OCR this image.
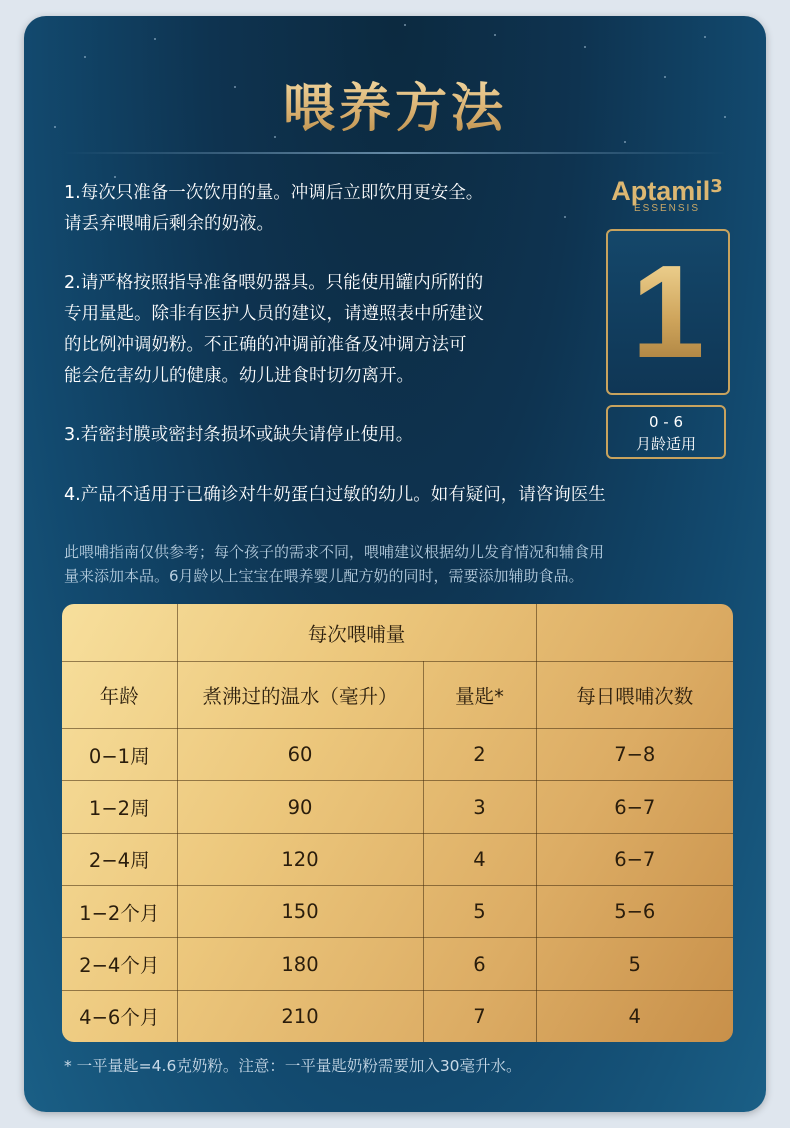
喂养方法
1.每次只准备一次饮用的量。冲调后立即饮用更安全。
请丢弃喂哺后剩余的奶液。
2.请严格按照指导准备喂奶器具。只能使用罐内所附的
专用量匙。除非有医护人员的建议，请遵照表中所建议
的比例冲调奶粉。不正确的冲调前准备及冲调方法可
能会危害幼儿的健康。幼儿进食时切勿离开。
3.若密封膜或密封条损坏或缺失请停止使用。
4.产品不适用于已确诊对牛奶蛋白过敏的幼儿。如有疑问，请咨询医生
Aptamil3
ESSENSIS
1
0 - 6
月龄适用
此喂哺指南仅供参考；每个孩子的需求不同，喂哺建议根据幼儿发育情况和辅食用
量来添加本品。6月龄以上宝宝在喂养婴儿配方奶的同时，需要添加辅助食品。
	每次喂哺量		
年龄	煮沸过的温水（毫升）	量匙*	每日喂哺次数
0−1周	60	2	7−8
1−2周	90	3	6−7
2−4周	120	4	6−7
1−2个月	150	5	5−6
2−4个月	180	6	5
4−6个月	210	7	4
* 一平量匙=4.6克奶粉。注意：一平量匙奶粉需要加入30毫升水。
